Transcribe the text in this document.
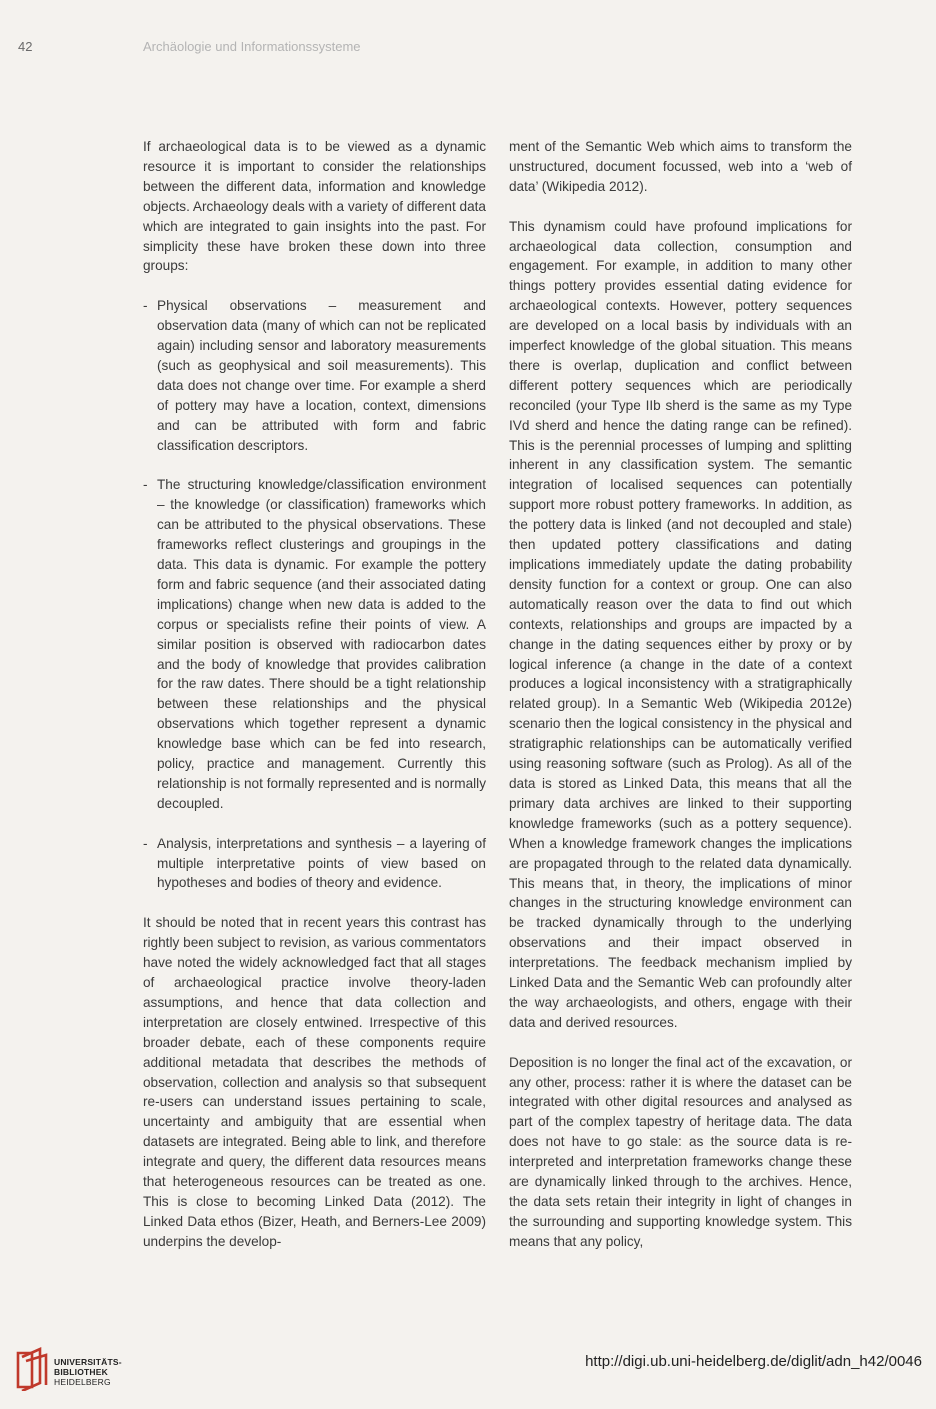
42	Archäologie und Informationssysteme

If archaeological data is to be viewed as a dynamic resource it is important to consider the relationships between the different data, information and knowledge objects. Archaeology deals with a variety of different data which are integrated to gain insights into the past. For simplicity these have broken these down into three groups:

- Physical observations – measurement and observation data (many of which can not be replicated again) including sensor and laboratory measurements (such as geophysical and soil measurements). This data does not change over time. For example a sherd of pottery may have a location, context, dimensions and can be attributed with form and fabric classification descriptors.
- The structuring knowledge/classification environment – the knowledge (or classification) frameworks which can be attributed to the physical observations. These frameworks reflect clusterings and groupings in the data. This data is dynamic. For example the pottery form and fabric sequence (and their associated dating implications) change when new data is added to the corpus or specialists refine their points of view. A similar position is observed with radiocarbon dates and the body of knowledge that provides calibration for the raw dates. There should be a tight relationship between these relationships and the physical observations which together represent a dynamic knowledge base which can be fed into research, policy, practice and management. Currently this relationship is not formally represented and is normally decoupled.
- Analysis, interpretations and synthesis – a layering of multiple interpretative points of view based on hypotheses and bodies of theory and evidence.

It should be noted that in recent years this contrast has rightly been subject to revision, as various commentators have noted the widely acknowledged fact that all stages of archaeological practice involve theory-laden assumptions, and hence that data collection and interpretation are closely entwined. Irrespective of this broader debate, each of these components require additional metadata that describes the methods of observation, collection and analysis so that subsequent re-users can understand issues pertaining to scale, uncertainty and ambiguity that are essential when datasets are integrated. Being able to link, and therefore integrate and query, the different data resources means that heterogeneous resources can be treated as one. This is close to becoming Linked Data (2012). The Linked Data ethos (Bizer, Heath, and Berners-Lee 2009) underpins the develop-

ment of the Semantic Web which aims to transform the unstructured, document focussed, web into a ‘web of data’ (Wikipedia 2012).

This dynamism could have profound implications for archaeological data collection, consumption and engagement. For example, in addition to many other things pottery provides essential dating evidence for archaeological contexts. However, pottery sequences are developed on a local basis by individuals with an imperfect knowledge of the global situation. This means there is overlap, duplication and conflict between different pottery sequences which are periodically reconciled (your Type IIb sherd is the same as my Type IVd sherd and hence the dating range can be refined). This is the perennial processes of lumping and splitting inherent in any classification system. The semantic integration of localised sequences can potentially support more robust pottery frameworks. In addition, as the pottery data is linked (and not decoupled and stale) then updated pottery classifications and dating implications immediately update the dating probability density function for a context or group. One can also automatically reason over the data to find out which contexts, relationships and groups are impacted by a change in the dating sequences either by proxy or by logical inference (a change in the date of a context produces a logical inconsistency with a stratigraphically related group). In a Semantic Web (Wikipedia 2012e) scenario then the logical consistency in the physical and stratigraphic relationships can be automatically verified using reasoning software (such as Prolog). As all of the data is stored as Linked Data, this means that all the primary data archives are linked to their supporting knowledge frameworks (such as a pottery sequence). When a knowledge framework changes the implications are propagated through to the related data dynamically. This means that, in theory, the implications of minor changes in the structuring knowledge environment can be tracked dynamically through to the underlying observations and their impact observed in interpretations. The feedback mechanism implied by Linked Data and the Semantic Web can profoundly alter the way archaeologists, and others, engage with their data and derived resources.

Deposition is no longer the final act of the excavation, or any other, process: rather it is where the dataset can be integrated with other digital resources and analysed as part of the complex tapestry of heritage data. The data does not have to go stale: as the source data is re-interpreted and interpretation frameworks change these are dynamically linked through to the archives. Hence, the data sets retain their integrity in light of changes in the surrounding and supporting knowledge system. This means that any policy,

UNIVERSITÄTS-
BIBLIOTHEK
HEIDELBERG
http://digi.ub.uni-heidelberg.de/diglit/adn_h42/0046
